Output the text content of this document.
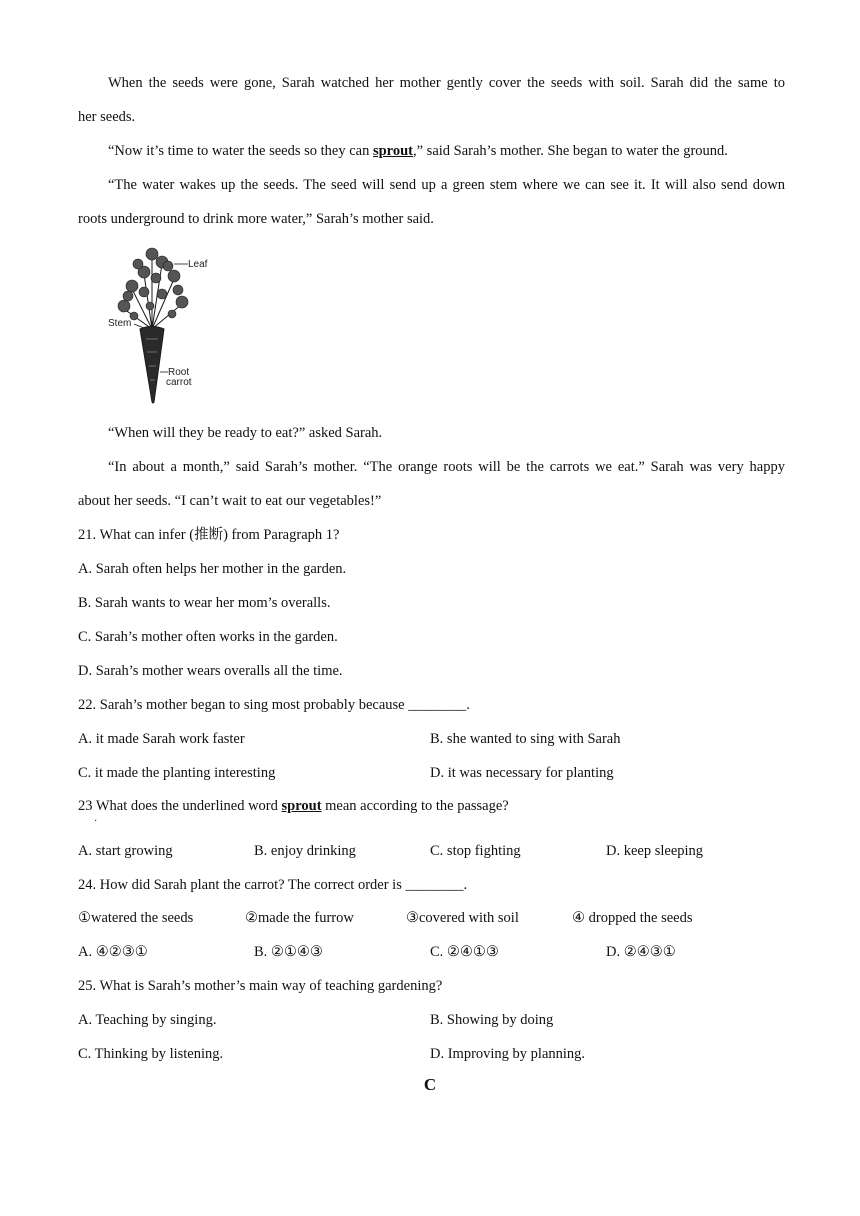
When the seeds were gone, Sarah watched her mother gently cover the seeds with soil. Sarah did the same to
her seeds.
“Now it’s time to water the seeds so they can sprout,” said Sarah’s mother. She began to water the ground.
“The water wakes up the seeds. The seed will send up a green stem where we can see it. It will also send down
roots underground to drink more water,” Sarah’s mother said.
Leaf
Stem
Root
carrot
“When will they be ready to eat?” asked Sarah.
“In about a month,” said Sarah’s mother. “The orange roots will be the carrots we eat.” Sarah was very happy
about her seeds. “I can’t wait to eat our vegetables!”
21. What can infer (推断) from Paragraph 1?
A. Sarah often helps her mother in the garden.
B. Sarah wants to wear her mom’s overalls.
C. Sarah’s mother often works in the garden.
D. Sarah’s mother wears overalls all the time.
22. Sarah’s mother began to sing most probably because ________.
A. it made Sarah work faster	B. she wanted to sing with Sarah
C. it made the planting interesting	D. it was necessary for planting
23 What does the underlined word sprout mean according to the passage?
·
A. start growing	B. enjoy drinking	C. stop fighting	D. keep sleeping
24. How did Sarah plant the carrot? The correct order is ________.
①watered the seeds	②made the furrow	③covered with soil	④ dropped the seeds
A. ④②③①	B. ②①④③	C. ②④①③	D. ②④③①
25. What is Sarah’s mother’s main way of teaching gardening?
A. Teaching by singing.	B. Showing by doing
C. Thinking by listening.	D. Improving by planning.
C
